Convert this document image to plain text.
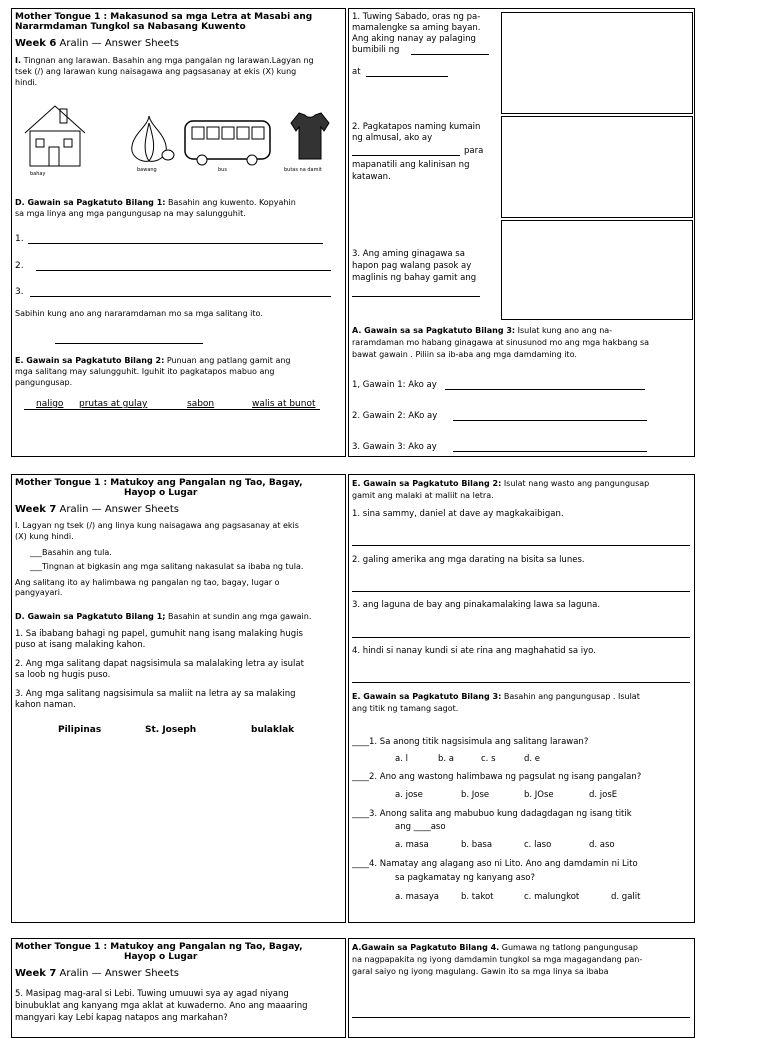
Mother Tongue 1 : Makasunod sa mga Letra at Masabi ang
Nararmdaman Tungkol sa Nabasang Kuwento
Week 6 Aralin — Answer Sheets
I. Tingnan ang larawan. Basahin ang mga pangalan ng larawan.Lagyan ng
tsek (/) ang larawan kung naisagawa ang pagsasanay at ekis (X) kung
hindi.
bahay
bawang	bus	butas na damit
D. Gawain sa Pagkatuto Bilang 1: Basahin ang kuwento. Kopyahin
sa mga linya ang mga pangungusap na may salungguhit.
1.
2.
3.
Sabihin kung ano ang nararamdaman mo sa mga salitang ito.
E. Gawain sa Pagkatuto Bilang 2: Punuan ang patlang gamit ang
mga salitang may salungguhit. Iguhit ito pagkatapos mabuo ang
pangungusap.
naligo prutas at gulay	sabon	walis at bunot
1. Tuwing Sabado, oras ng pa-
mamalengke sa aming bayan.
Ang aking nanay ay palaging
bumibili ng
at
2. Pagkatapos naming kumain
ng almusal, ako ay
para
mapanatili ang kalinisan ng
katawan.
3. Ang aming ginagawa sa
hapon pag walang pasok ay
maglinis ng bahay gamit ang
A. Gawain sa sa Pagkatuto Bilang 3: Isulat kung ano ang na-
raramdaman mo habang ginagawa at sinusunod mo ang mga hakbang sa
bawat gawain . Piliin sa ib-aba ang mga damdaming ito.
1, Gawain 1: Ako ay
2. Gawain 2: AKo ay
3. Gawain 3: Ako ay
Mother Tongue 1 : Matukoy ang Pangalan ng Tao, Bagay,
Hayop o Lugar
Week 7 Aralin — Answer Sheets
I. Lagyan ng tsek (/) ang linya kung naisagawa ang pagsasanay at ekis
(X) kung hindi.
___Basahin ang tula.
___Tingnan at bigkasin ang mga salitang nakasulat sa ibaba ng tula.
Ang salitang ito ay halimbawa ng pangalan ng tao, bagay, lugar o
pangyayari.
D. Gawain sa Pagkatuto Bilang 1; Basahin at sundin ang mga gawain.
1. Sa ibabang bahagi ng papel, gumuhit nang isang malaking hugis
puso at isang malaking kahon.
2. Ang mga salitang dapat nagsisimula sa malalaking letra ay isulat
sa loob ng hugis puso.
3. Ang mga salitang nagsisimula sa maliit na letra ay sa malaking
kahon naman.
Pilipinas	St. Joseph	bulaklak
E. Gawain sa Pagkatuto Bilang 2: Isulat nang wasto ang pangungusap
gamit ang malaki at maliit na letra.
1. sina sammy, daniel at dave ay magkakaibigan.
2. galing amerika ang mga darating na bisita sa lunes.
3. ang laguna de bay ang pinakamalaking lawa sa laguna.
4. hindi si nanay kundi si ate rina ang maghahatid sa iyo.
E. Gawain sa Pagkatuto Bilang 3: Basahin ang pangungusap . Isulat
ang titik ng tamang sagot.
____1. Sa anong titik nagsisimula ang salitang larawan?
a. l	b. a	c. s	d. e
____2. Ano ang wastong halimbawa ng pagsulat ng isang pangalan?
a. jose	b. Jose	b. JOse	d. josE
____3. Anong salita ang mabubuo kung dadagdagan ng isang titik
ang ____aso
a. masa	b. basa	c. laso	d. aso
____4. Namatay ang alagang aso ni Lito. Ano ang damdamin ni Lito
sa pagkamatay ng kanyang aso?
a. masaya	b. takot	c. malungkot	d. galit
Mother Tongue 1 : Matukoy ang Pangalan ng Tao, Bagay,
Hayop o Lugar
Week 7 Aralin — Answer Sheets
5. Masipag mag-aral si Lebi. Tuwing umuuwi sya ay agad niyang
binubuklat ang kanyang mga aklat at kuwaderno. Ano ang maaaring
mangyari kay Lebi kapag natapos ang markahan?
A.Gawain sa Pagkatuto Bilang 4. Gumawa ng tatlong pangungusap
na nagpapakita ng iyong damdamin tungkol sa mga magagandang pan-
garal saiyo ng iyong magulang. Gawin ito sa mga linya sa ibaba
